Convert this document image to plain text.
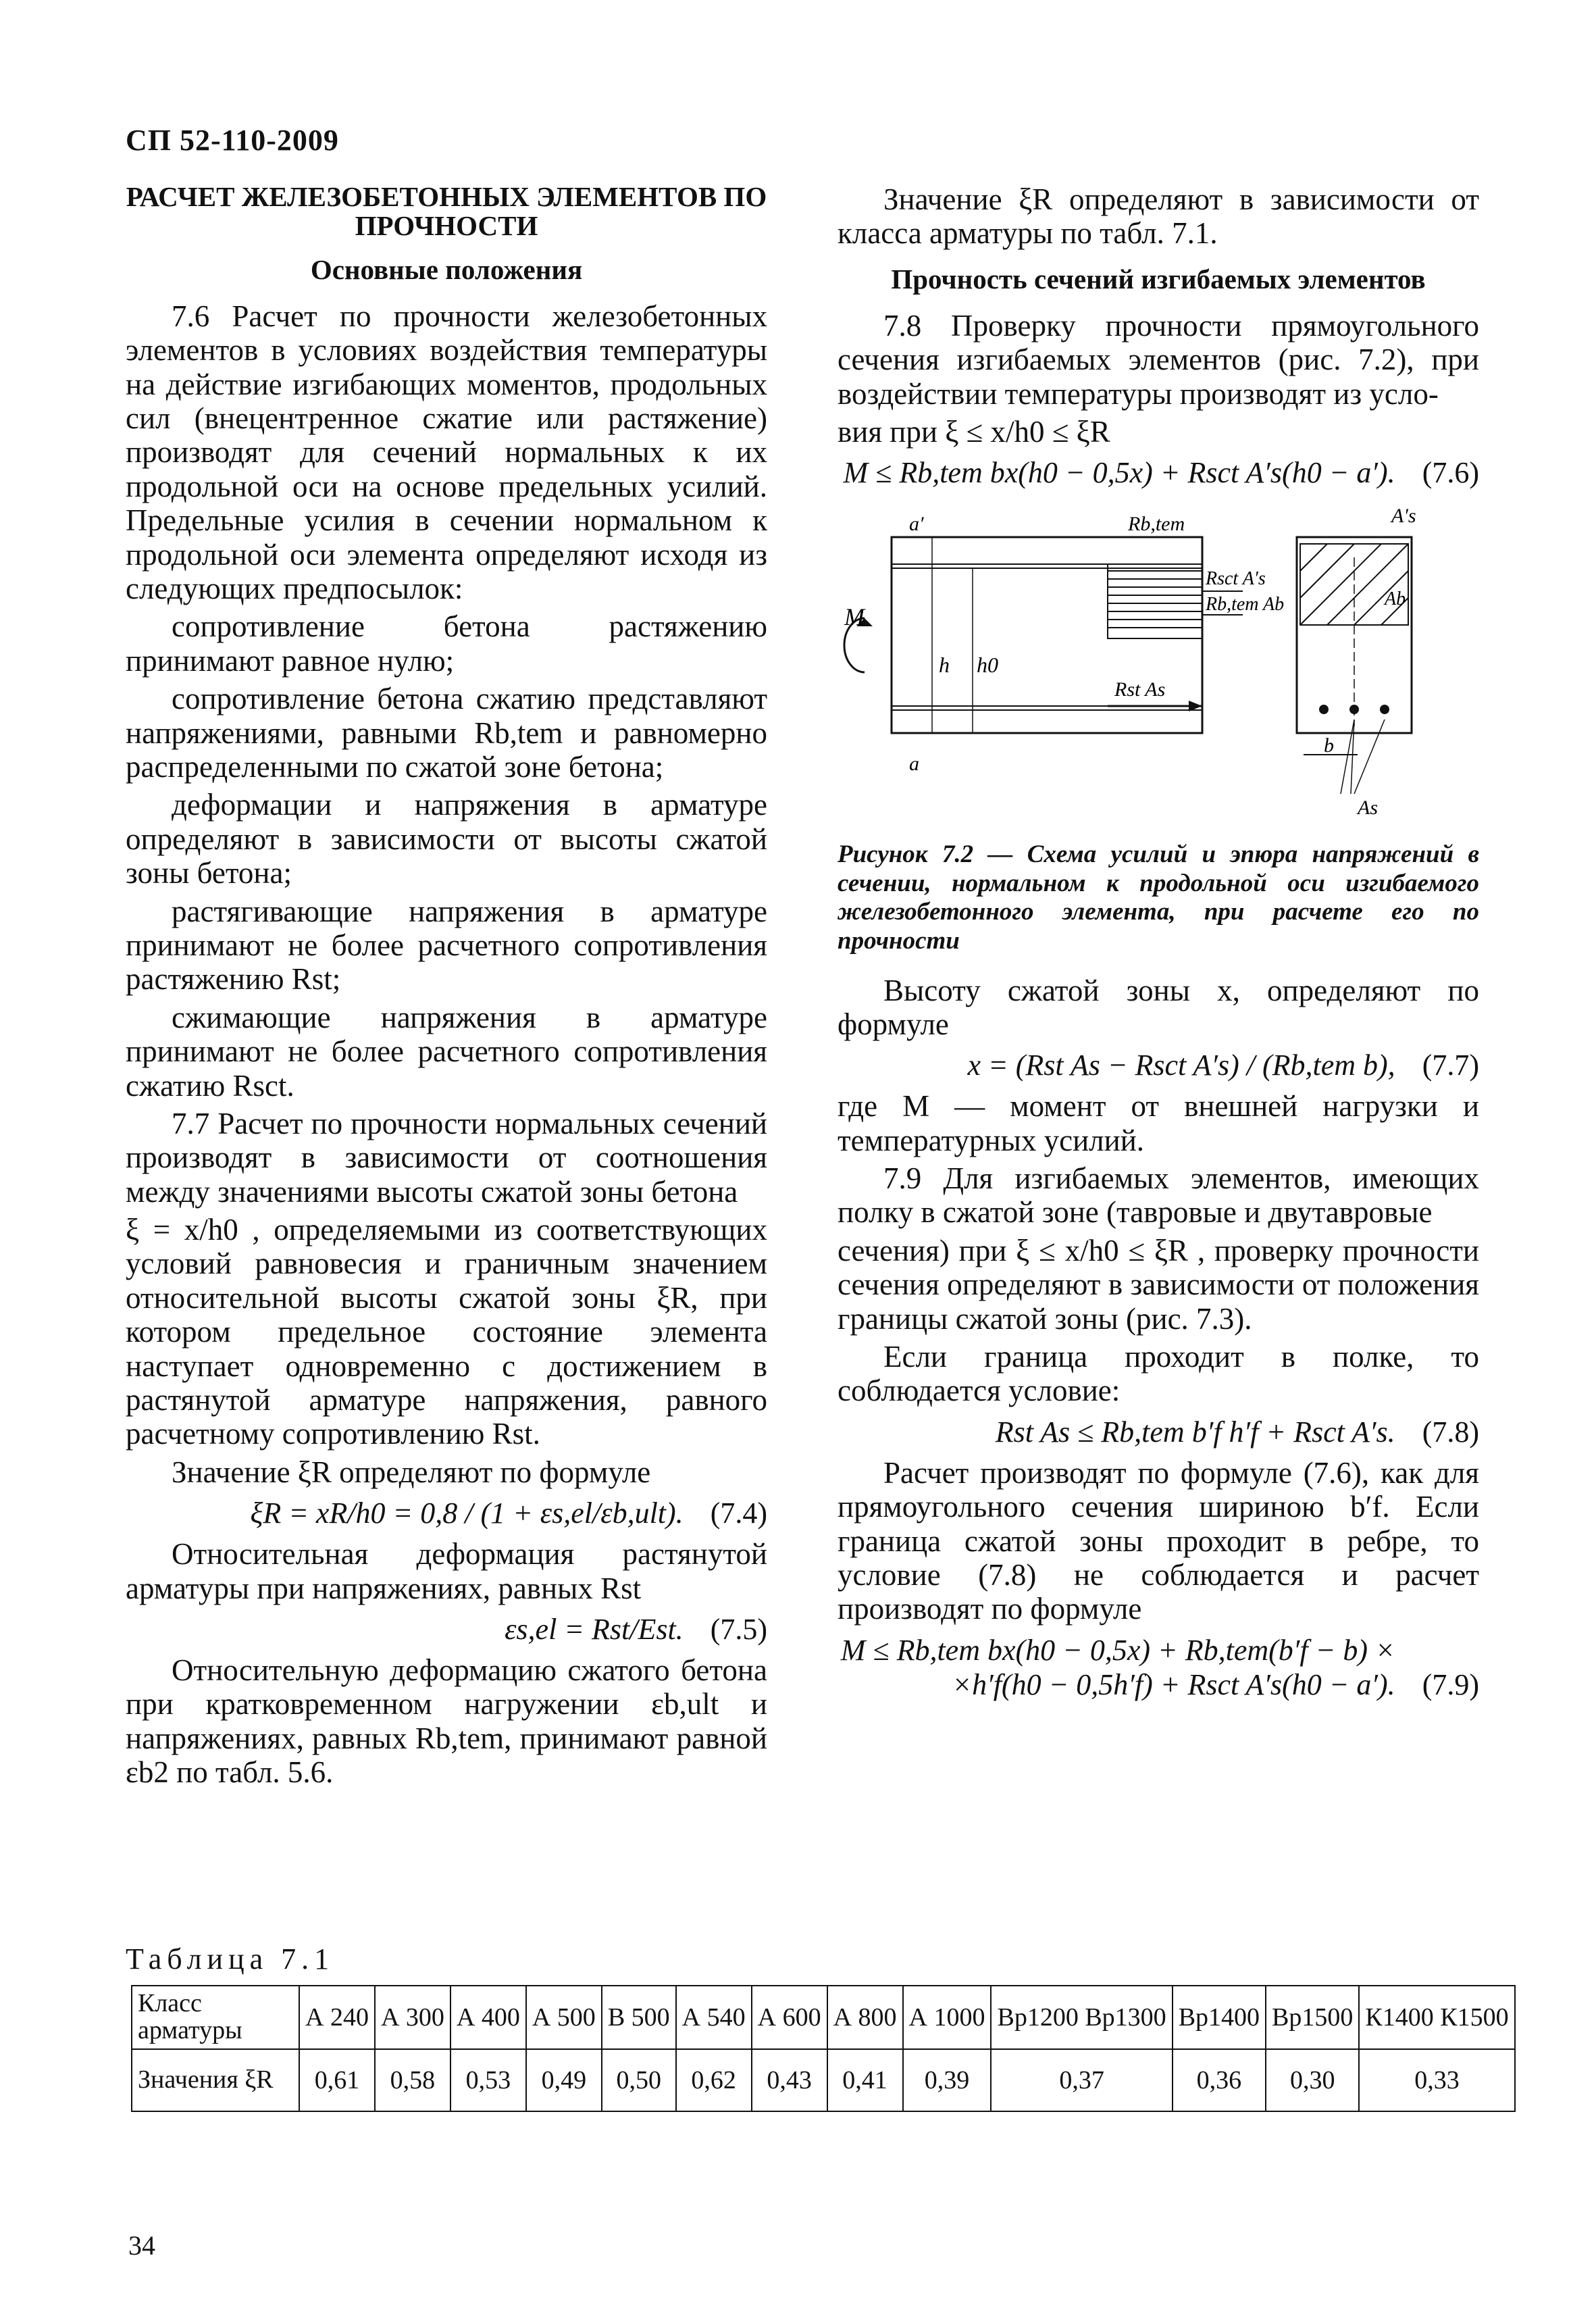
СП 52-110-2009
РАСЧЕТ ЖЕЛЕЗОБЕТОННЫХ ЭЛЕМЕНТОВ ПО ПРОЧНОСТИ
Основные положения

7.6 Расчет по прочности железобетонных элементов в условиях воздействия температуры на действие изгибающих моментов, продольных сил (внецентренное сжатие или растяжение) производят для сечений нормальных к их продольной оси на основе предельных усилий. Предельные усилия в сечении нормальном к продольной оси элемента определяют исходя из следующих предпосылок:

сопротивление бетона растяжению принимают равное нулю;

сопротивление бетона сжатию представляют напряжениями, равными Rb,tem и равномерно распределенными по сжатой зоне бетона;

деформации и напряжения в арматуре определяют в зависимости от высоты сжатой зоны бетона;

растягивающие напряжения в арматуре принимают не более расчетного сопротивления растяжению Rst;

сжимающие напряжения в арматуре принимают не более расчетного сопротивления сжатию Rsct.

7.7 Расчет по прочности нормальных сечений производят в зависимости от соотношения между значениями высоты сжатой зоны бетона

ξ = x/h0 , определяемыми из соответствующих условий равновесия и граничным значением относительной высоты сжатой зоны ξR, при котором предельное состояние элемента наступает одновременно с достижением в растянутой арматуре напряжения, равного расчетному сопротивлению Rst.

Значение ξR определяют по формуле

ξR = xR/h0 = 0,8 / (1 + εs,el/εb,ult). (7.4)

Относительная деформация растянутой арматуры при напряжениях, равных Rst

εs,el = Rst/Est. (7.5)

Относительную деформацию сжатого бетона при кратковременном нагружении εb,ult и напряжениях, равных Rb,tem, принимают равной εb2 по табл. 5.6.

Значение ξR определяют в зависимости от класса арматуры по табл. 7.1.

Прочность сечений изгибаемых элементов

7.8 Проверку прочности прямоугольного сечения изгибаемых элементов (рис. 7.2), при воздействии температуры производят из усло-

вия при ξ ≤ x/h0 ≤ ξR

M ≤ Rb,tem bx(h0 − 0,5x) + Rsct A′s(h0 − a′). (7.6)
M
a′
h h0
a
Rb,tem
Rsct A′s
Rb,tem Ab
Rst As
A′s
Ab
b
As

Рисунок 7.2 — Схема усилий и эпюра напряжений в сечении, нормальном к продольной оси изгибаемого железобетонного элемента, при расчете его по прочности

Высоту сжатой зоны x, определяют по формуле

x = (Rst As − Rsct A′s) / (Rb,tem b), (7.7)

где M — момент от внешней нагрузки и температурных усилий.

7.9 Для изгибаемых элементов, имеющих полку в сжатой зоне (тавровые и двутавровые

сечения) при ξ ≤ x/h0 ≤ ξR , проверку прочности сечения определяют в зависимости от положения границы сжатой зоны (рис. 7.3).

Если граница проходит в полке, то соблюдается условие:

Rst As ≤ Rb,tem b′f h′f + Rsct A′s. (7.8)

Расчет производят по формуле (7.6), как для прямоугольного сечения шириною b′f. Если граница сжатой зоны проходит в ребре, то условие (7.8) не соблюдается и расчет производят по формуле

M ≤ Rb,tem bx(h0 − 0,5x) + Rb,tem(b′f − b) ×
×h′f(h0 − 0,5h′f) + Rsct A′s(h0 − a′). (7.9)
Таблица 7.1
Класс арматуры	А 240	А 300	А 400	А 500	В 500	А 540	А 600	А 800	А 1000	Вр1200 Вр1300	Вр1400	Вр1500	К1400 К1500
Значения ξR	0,61	0,58	0,53	0,49	0,50	0,62	0,43	0,41	0,39	0,37	0,36	0,30	0,33
34
